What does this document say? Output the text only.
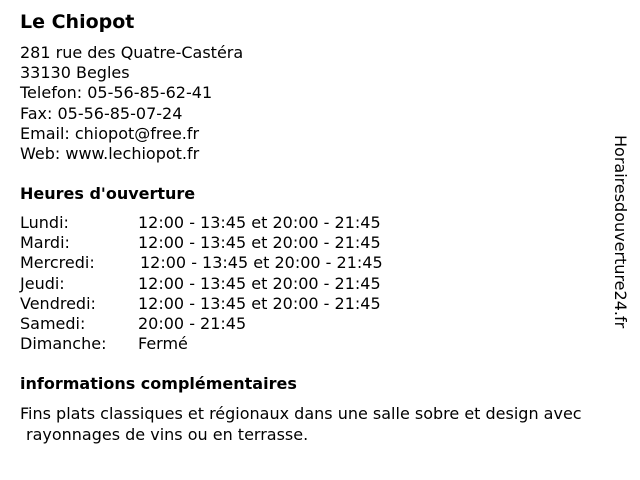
Le Chiopot
281 rue des Quatre-Castéra
33130 Begles
Telefon: 05-56-85-62-41
Fax: 05-56-85-07-24
Email: chiopot@free.fr
Web: www.lechiopot.fr
Heures d'ouverture
Lundi:	12:00 - 13:45 et 20:00 - 21:45
Mardi:	12:00 - 13:45 et 20:00 - 21:45
Mercredi:	12:00 - 13:45 et 20:00 - 21:45
Jeudi:	12:00 - 13:45 et 20:00 - 21:45
Vendredi:	12:00 - 13:45 et 20:00 - 21:45
Samedi:	20:00 - 21:45
Dimanche:	Fermé
informations complémentaires
Fins plats classiques et régionaux dans une salle sobre et design avec
rayonnages de vins ou en terrasse.
Horairesdouverture24.fr
